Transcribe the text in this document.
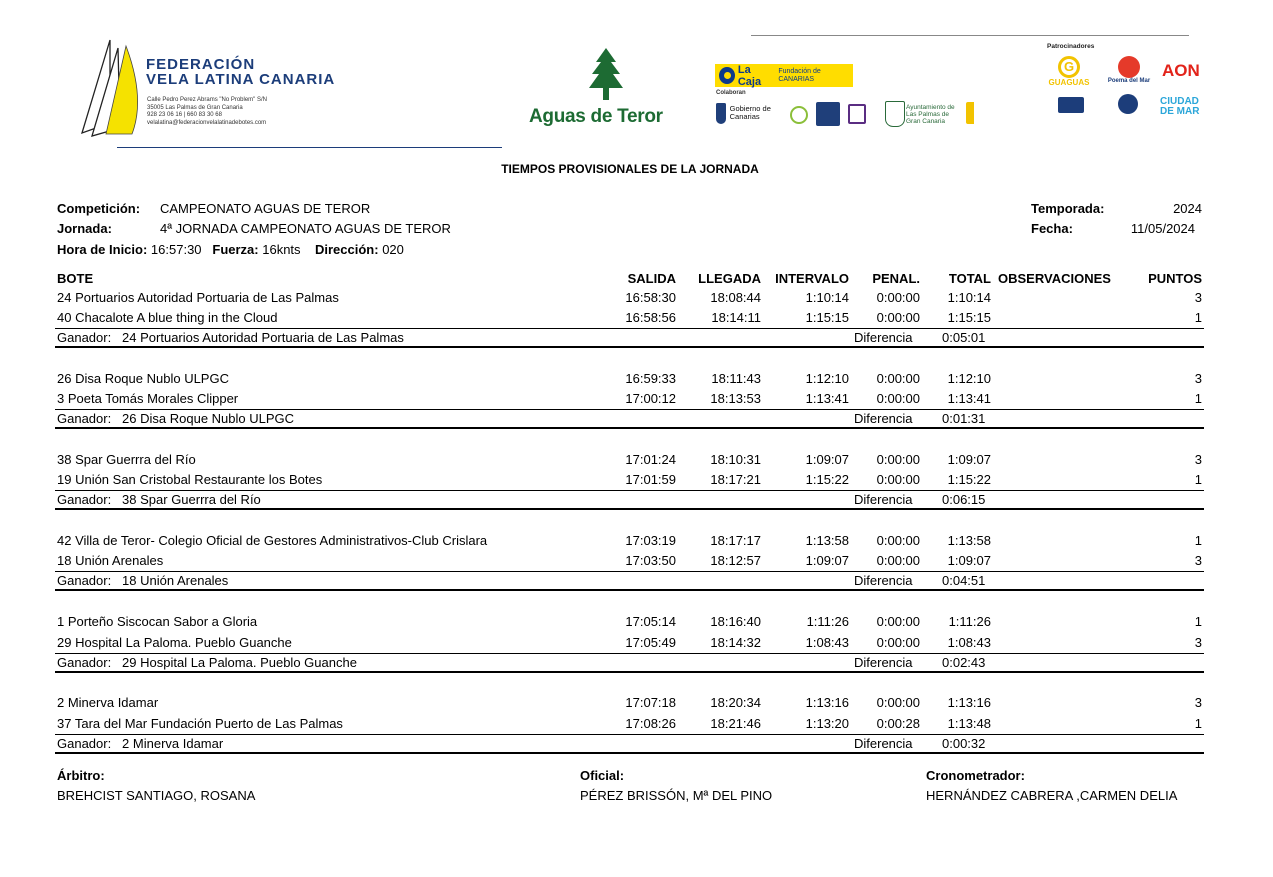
FEDERACIÓN
VELA LATINA CANARIA
Calle Pedro Perez Abrams "No Problem" S/N
35005 Las Palmas de Gran Canaria
928 23 06 16 | 660 83 30 68
velalatina@federacionvelalatinadebotes.com	Aguas de Teror
La Caja
Fundación de CANARIAS
Colaboran
Gobierno de Canarias
Ayuntamiento de Las Palmas de Gran Canaria
Patrocinadores
G
GUAGUAS	Poema del Mar
AON
CIUDAD
DE MAR
TIEMPOS PROVISIONALES DE LA JORNADA
Competición: CAMPEONATO AGUAS DE TEROR
Jornada:	4ª JORNADA CAMPEONATO AGUAS DE TEROR
Hora de Inicio: 16:57:30 Fuerza: 16knts Dirección: 020
Temporada:	2024
Fecha:	11/05/2024
BOTE	SALIDA LLEGADA INTERVALO PENAL. TOTAL OBSERVACIONES	PUNTOS
24 Portuarios Autoridad Portuaria de Las Palmas	16:58:30	18:08:44	1:10:14 0:00:00 1:10:14	3
40 Chacalote A blue thing in the Cloud	16:58:56	18:14:11	1:15:15 0:00:00 1:15:15	1
Ganador: 24 Portuarios Autoridad Portuaria de Las Palmas	Diferencia 0:05:01
26 Disa Roque Nublo ULPGC	16:59:33	18:11:43	1:12:10 0:00:00 1:12:10	3
3 Poeta Tomás Morales Clipper	17:00:12	18:13:53	1:13:41 0:00:00 1:13:41	1
Ganador: 26 Disa Roque Nublo ULPGC	Diferencia 0:01:31
38 Spar Guerrra del Río	17:01:24	18:10:31	1:09:07 0:00:00 1:09:07	3
19 Unión San Cristobal Restaurante los Botes	17:01:59	18:17:21	1:15:22 0:00:00 1:15:22	1
Ganador: 38 Spar Guerrra del Río	Diferencia 0:06:15
42 Villa de Teror- Colegio Oficial de Gestores Administrativos-Club Crislara	17:03:19	18:17:17	1:13:58 0:00:00 1:13:58	1
18 Unión Arenales	17:03:50	18:12:57	1:09:07 0:00:00 1:09:07	3
Ganador: 18 Unión Arenales	Diferencia 0:04:51
1 Porteño Siscocan Sabor a Gloria	17:05:14	18:16:40	1:11:26 0:00:00 1:11:26	1
29 Hospital La Paloma. Pueblo Guanche	17:05:49	18:14:32	1:08:43 0:00:00 1:08:43	3
Ganador: 29 Hospital La Paloma. Pueblo Guanche	Diferencia 0:02:43
2 Minerva Idamar	17:07:18	18:20:34	1:13:16 0:00:00 1:13:16	3
37 Tara del Mar Fundación Puerto de Las Palmas	17:08:26	18:21:46	1:13:20 0:00:28 1:13:48	1
Ganador: 2 Minerva Idamar	Diferencia 0:00:32
Árbitro:
BREHCIST SANTIAGO, ROSANA
Oficial:
PÉREZ BRISSÓN, Mª DEL PINO
Cronometrador:
HERNÁNDEZ CABRERA ,CARMEN DELIA
